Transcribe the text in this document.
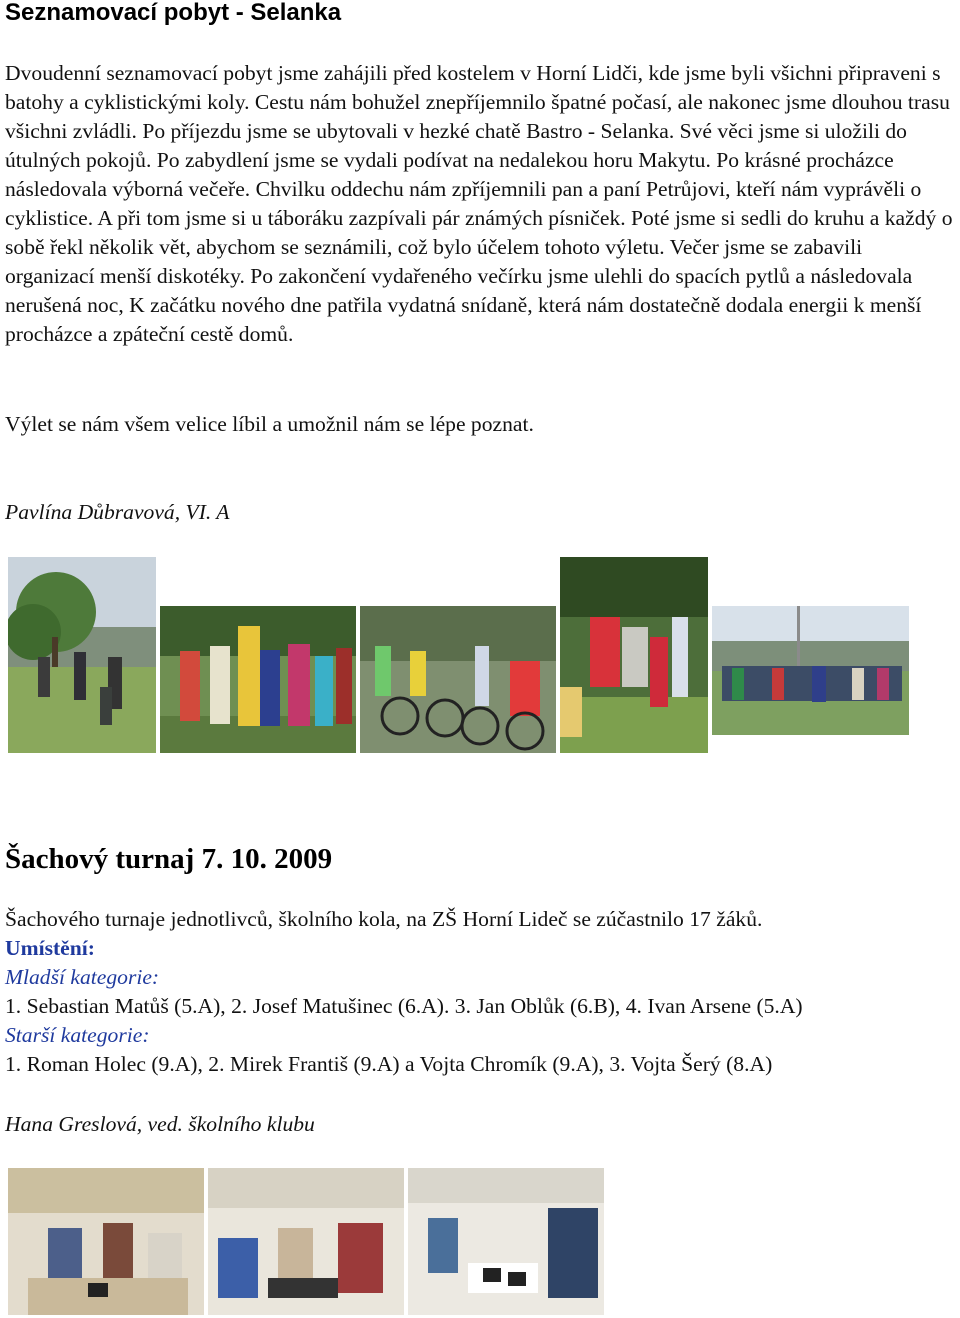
Seznamovací pobyt - Selanka

Dvoudenní seznamovací pobyt jsme zahájili před kostelem v Horní Lidči, kde jsme byli všichni připraveni s batohy a cyklistickými koly. Cestu nám bohužel znepříjemnilo špatné počasí, ale nakonec jsme dlouhou trasu všichni zvládli. Po příjezdu jsme se ubytovali v hezké chatě Bastro - Selanka. Své věci jsme si uložili do útulných pokojů. Po zabydlení jsme se vydali podívat na nedalekou horu Makytu. Po krásné procházce následovala výborná večeře. Chvilku oddechu nám zpříjemnili pan a paní Petrůjovi, kteří nám vyprávěli o cyklistice. A při tom jsme si u táboráku zazpívali pár známých písniček. Poté jsme si sedli do kruhu a každý o sobě řekl několik vět, abychom se seznámili, což bylo účelem tohoto výletu. Večer jsme se zabavili organizací menší diskotéky. Po zakončení vydařeného večírku jsme ulehli do spacích pytlů a následovala nerušená noc, K začátku nového dne patřila vydatná snídaně, která nám dostatečně dodala energii k menší procházce a zpáteční cestě domů.

Výlet se nám všem velice líbil a umožnil nám se lépe poznat.

Pavlína Důbravová, VI. A
Šachový turnaj 7. 10. 2009
Šachového turnaje jednotlivců, školního kola, na ZŠ Horní Lideč se zúčastnilo 17 žáků.
Umístění:
Mladší kategorie:
1. Sebastian Matůš (5.A), 2. Josef Matušinec (6.A). 3. Jan Oblůk (6.B), 4. Ivan Arsene (5.A)
Starší kategorie:
1. Roman Holec (9.A), 2. Mirek Františ (9.A) a Vojta Chromík (9.A), 3. Vojta Šerý (8.A)
Hana Greslová, ved. školního klubu
